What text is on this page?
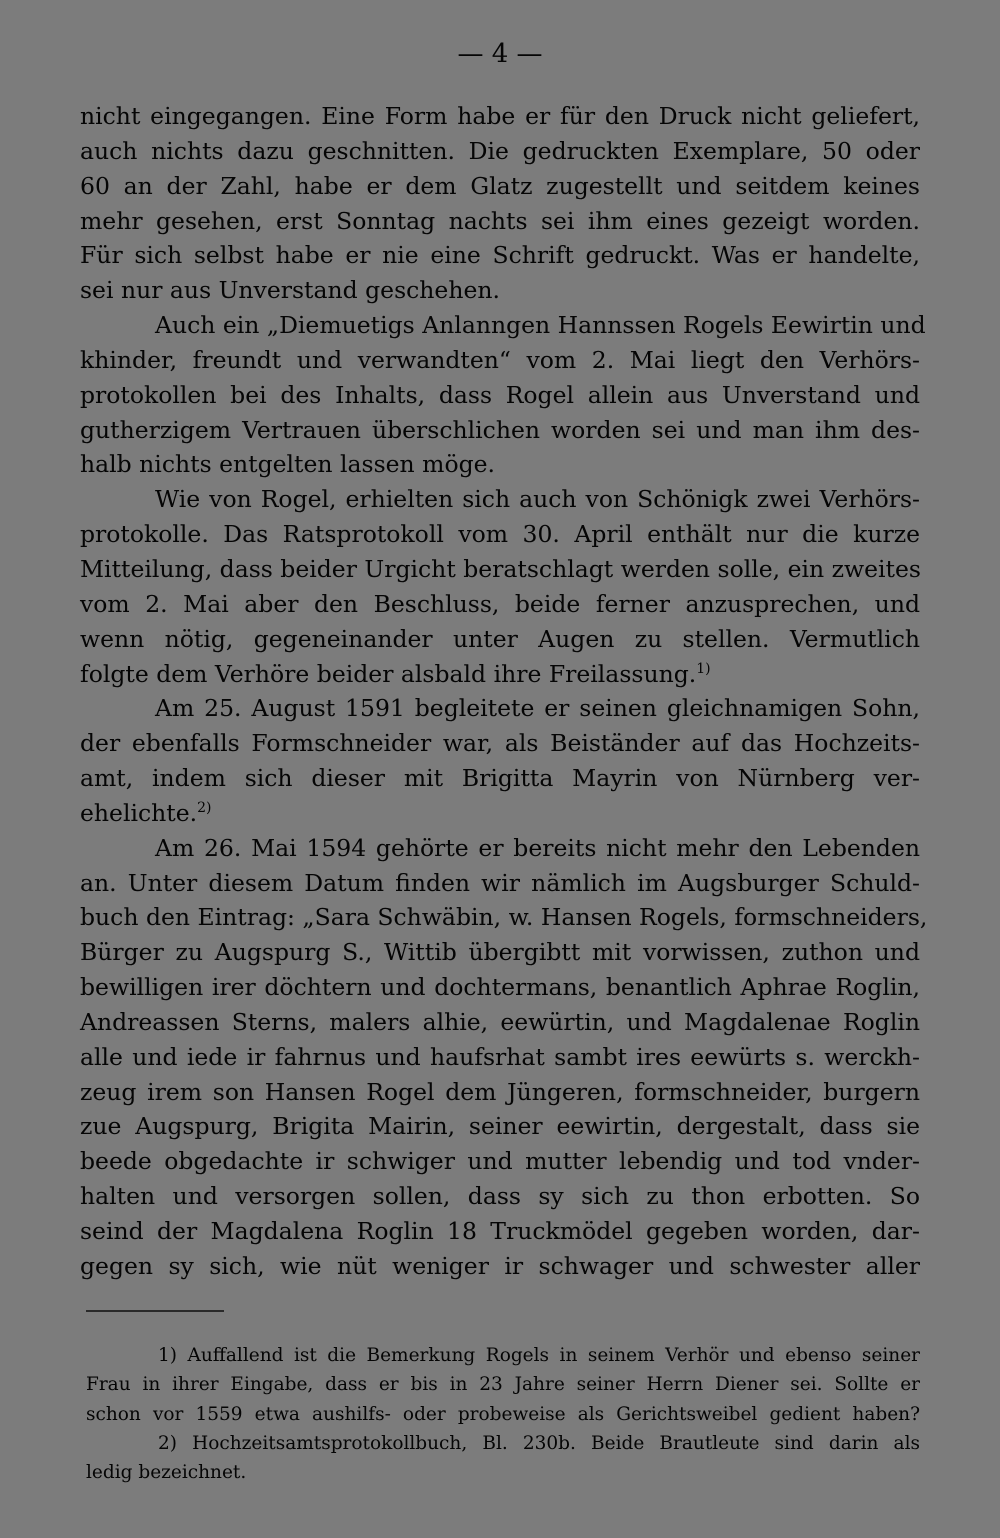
— 4 —
nicht eingegangen. Eine Form habe er für den Druck nicht geliefert,
auch nichts dazu geschnitten. Die gedruckten Exemplare, 50 oder
60 an der Zahl, habe er dem Glatz zugestellt und seitdem keines
mehr gesehen, erst Sonntag nachts sei ihm eines gezeigt worden.
Für sich selbst habe er nie eine Schrift gedruckt. Was er handelte,
sei nur aus Unverstand geschehen.
Auch ein „Diemuetigs Anlanngen Hannssen Rogels Eewirtin und
khinder, freundt und verwandten“ vom 2. Mai liegt den Verhörs-
protokollen bei des Inhalts, dass Rogel allein aus Unverstand und
gutherzigem Vertrauen überschlichen worden sei und man ihm des-
halb nichts entgelten lassen möge.
Wie von Rogel, erhielten sich auch von Schönigk zwei Verhörs-
protokolle. Das Ratsprotokoll vom 30. April enthält nur die kurze
Mitteilung, dass beider Urgicht beratschlagt werden solle, ein zweites
vom 2. Mai aber den Beschluss, beide ferner anzusprechen, und
wenn nötig, gegeneinander unter Augen zu stellen. Vermutlich
folgte dem Verhöre beider alsbald ihre Freilassung.$^{1)}$
Am 25. August 1591 begleitete er seinen gleichnamigen Sohn,
der ebenfalls Formschneider war, als Beiständer auf das Hochzeits-
amt, indem sich dieser mit Brigitta Mayrin von Nürnberg ver-
ehelichte.$^{2)}$
Am 26. Mai 1594 gehörte er bereits nicht mehr den Lebenden
an. Unter diesem Datum finden wir nämlich im Augsburger Schuld-
buch den Eintrag: „Sara Schwäbin, w. Hansen Rogels, formschneiders,
Bürger zu Augspurg S., Wittib übergibtt mit vorwissen, zuthon und
bewilligen irer döchtern und dochtermans, benantlich Aphrae Roglin,
Andreassen Sterns, malers alhie, eewürtin, und Magdalenae Roglin
alle und iede ir fahrnus und haufsrhat sambt ires eewürts s. werckh-
zeug irem son Hansen Rogel dem Jüngeren, formschneider, burgern
zue Augspurg, Brigita Mairin, seiner eewirtin, dergestalt, dass sie
beede obgedachte ir schwiger und mutter lebendig und tod vnder-
halten und versorgen sollen, dass sy sich zu thon erbotten. So
seind der Magdalena Roglin 18 Truckmödel gegeben worden, dar-
gegen sy sich, wie nüt weniger ir schwager und schwester aller
1) Auffallend ist die Bemerkung Rogels in seinem Verhör und ebenso seiner
Frau in ihrer Eingabe, dass er bis in 23 Jahre seiner Herrn Diener sei. Sollte er
schon vor 1559 etwa aushilfs- oder probeweise als Gerichtsweibel gedient haben?
2) Hochzeitsamtsprotokollbuch, Bl. 230b. Beide Brautleute sind darin als
ledig bezeichnet.
